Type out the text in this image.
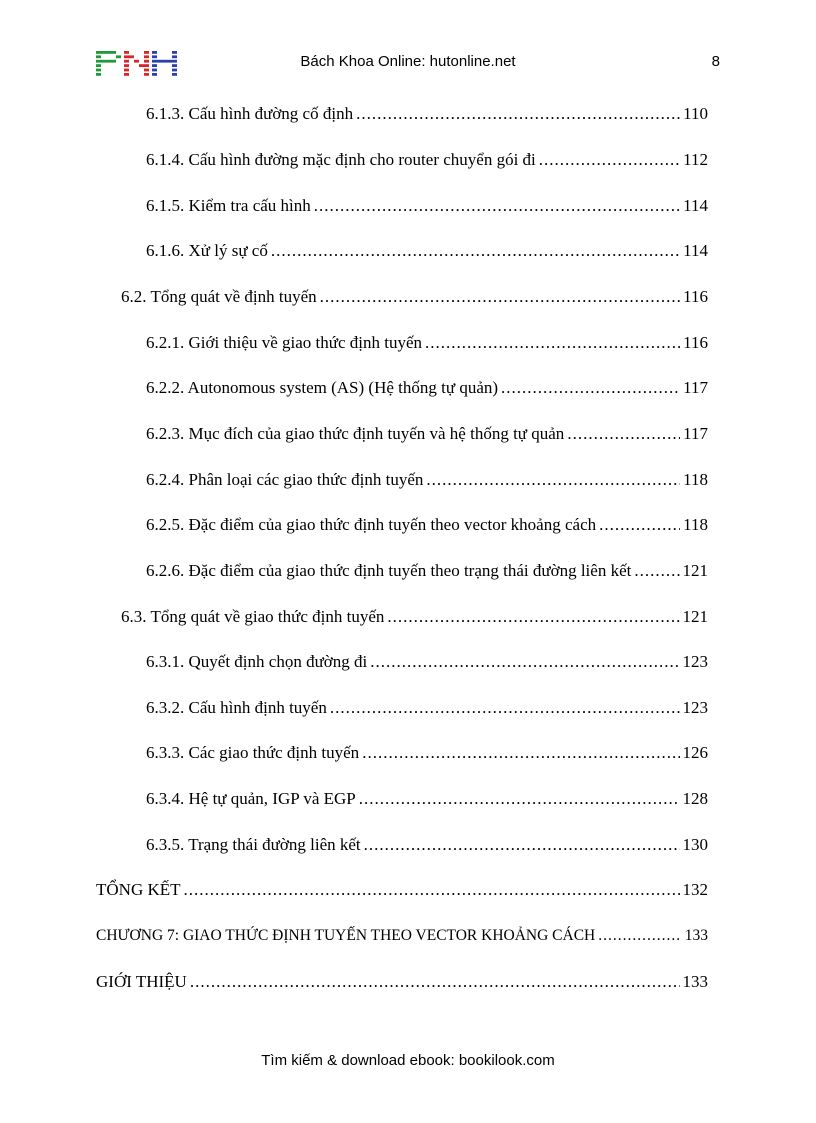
Bách Khoa Online: hutonline.net	8
6.1.3. Cấu hình đường cố định .....	110
6.1.4. Cấu hình đường mặc định cho router chuyển gói đi .....	112
6.1.5. Kiểm tra cấu hình .....	114
6.1.6. Xử lý sự cố .....	114
6.2. Tổng quát về định tuyến .....	116
6.2.1. Giới thiệu về giao thức định tuyến .....	116
6.2.2. Autonomous system (AS) (Hệ thống tự quản) .....	117
6.2.3. Mục đích của giao thức định tuyến và hệ thống tự quản .....	117
6.2.4. Phân loại các giao thức định tuyến .....	118
6.2.5. Đặc điểm của giao thức định tuyến theo vector khoảng cách .....	118
6.2.6. Đặc điểm của giao thức định tuyến theo trạng thái đường liên kết .....	121
6.3. Tổng quát về giao thức định tuyến .....	121
6.3.1. Quyết định chọn đường đi .....	123
6.3.2. Cấu hình định tuyến .....	123
6.3.3. Các giao thức định tuyến .....	126
6.3.4. Hệ tự quản, IGP và EGP .....	128
6.3.5. Trạng thái đường liên kết .....	130
TỔNG KẾT .....	132
CHƯƠNG 7: GIAO THỨC ĐỊNH TUYẾN THEO VECTOR KHOẢNG CÁCH .....	133
GIỚI THIỆU .....	133
Tìm kiếm & download ebook: bookilook.com
